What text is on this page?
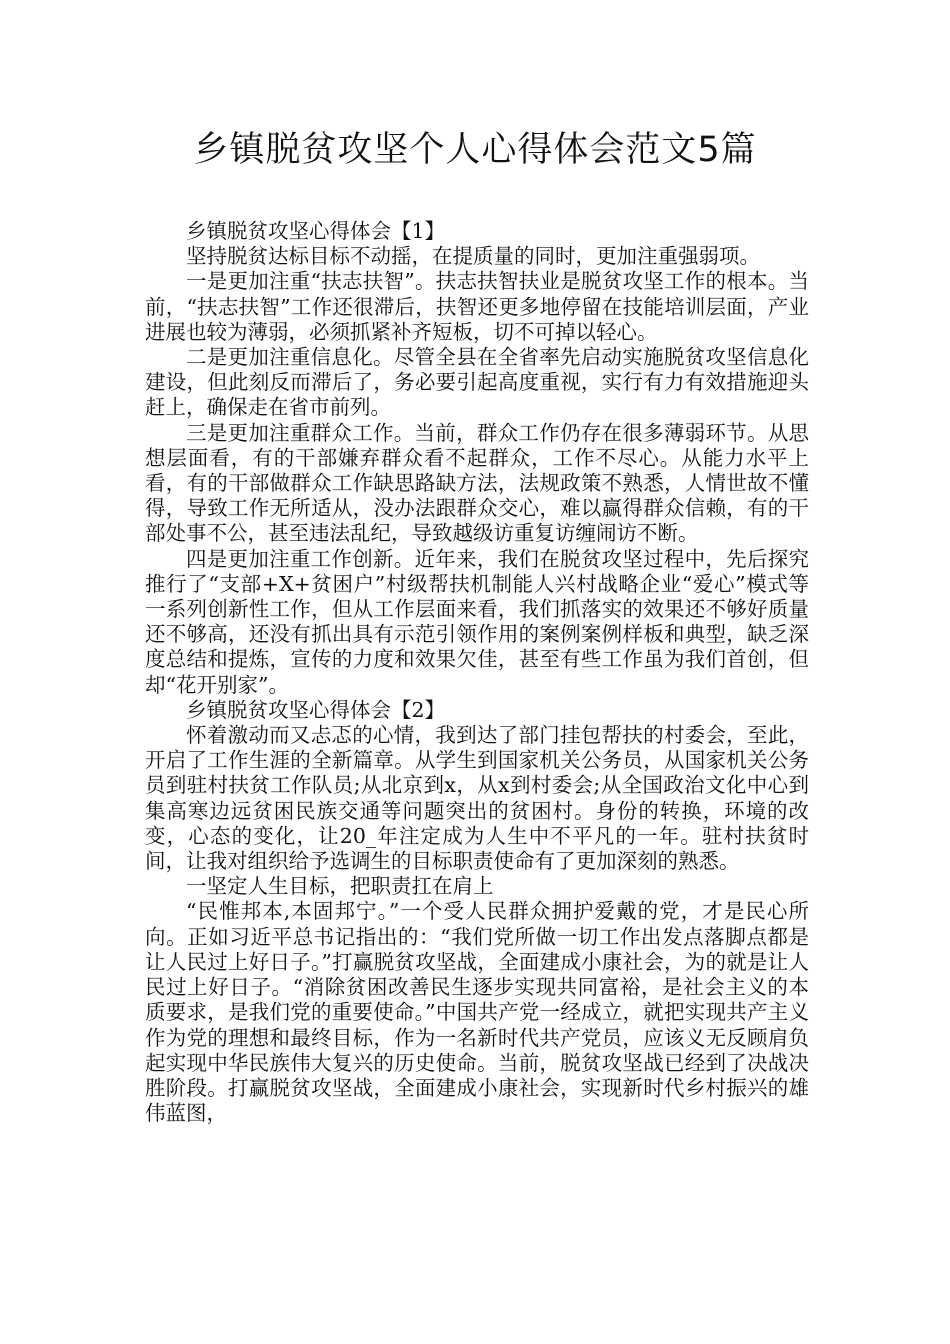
乡镇脱贫攻坚个人心得体会范文5篇

乡镇脱贫攻坚心得体会【1】

坚持脱贫达标目标不动摇，在提质量的同时，更加注重强弱项。

一是更加注重“扶志扶智”。扶志扶智扶业是脱贫攻坚工作的根本。当前，“扶志扶智”工作还很滞后，扶智还更多地停留在技能培训层面，产业进展也较为薄弱，必须抓紧补齐短板，切不可掉以轻心。

二是更加注重信息化。尽管全县在全省率先启动实施脱贫攻坚信息化建设，但此刻反而滞后了，务必要引起高度重视，实行有力有效措施迎头赶上，确保走在省市前列。

三是更加注重群众工作。当前，群众工作仍存在很多薄弱环节。从思想层面看，有的干部嫌弃群众看不起群众，工作不尽心。从能力水平上看，有的干部做群众工作缺思路缺方法，法规政策不熟悉，人情世故不懂得，导致工作无所适从，没办法跟群众交心，难以赢得群众信赖，有的干部处事不公，甚至违法乱纪，导致越级访重复访缠闹访不断。

四是更加注重工作创新。近年来，我们在脱贫攻坚过程中，先后探究推行了“支部+X+贫困户”村级帮扶机制能人兴村战略企业“爱心”模式等一系列创新性工作，但从工作层面来看，我们抓落实的效果还不够好质量还不够高，还没有抓出具有示范引领作用的案例案例样板和典型，缺乏深度总结和提炼，宣传的力度和效果欠佳，甚至有些工作虽为我们首创，但却“花开别家”。

乡镇脱贫攻坚心得体会【2】

怀着激动而又忐忑的心情，我到达了部门挂包帮扶的村委会，至此，开启了工作生涯的全新篇章。从学生到国家机关公务员，从国家机关公务员到驻村扶贫工作队员;从北京到x，从x到村委会;从全国政治文化中心到集高寒边远贫困民族交通等问题突出的贫困村。身份的转换，环境的改变，心态的变化，让20_年注定成为人生中不平凡的一年。驻村扶贫时间，让我对组织给予选调生的目标职责使命有了更加深刻的熟悉。

一坚定人生目标，把职责扛在肩上

“民惟邦本,本固邦宁。”一个受人民群众拥护爱戴的党，才是民心所向。正如习近平总书记指出的：“我们党所做一切工作出发点落脚点都是让人民过上好日子。”打赢脱贫攻坚战，全面建成小康社会，为的就是让人民过上好日子。“消除贫困改善民生逐步实现共同富裕，是社会主义的本质要求，是我们党的重要使命。”中国共产党一经成立，就把实现共产主义作为党的理想和最终目标，作为一名新时代共产党员，应该义无反顾肩负起实现中华民族伟大复兴的历史使命。当前，脱贫攻坚战已经到了决战决胜阶段。打赢脱贫攻坚战，全面建成小康社会，实现新时代乡村振兴的雄伟蓝图，
